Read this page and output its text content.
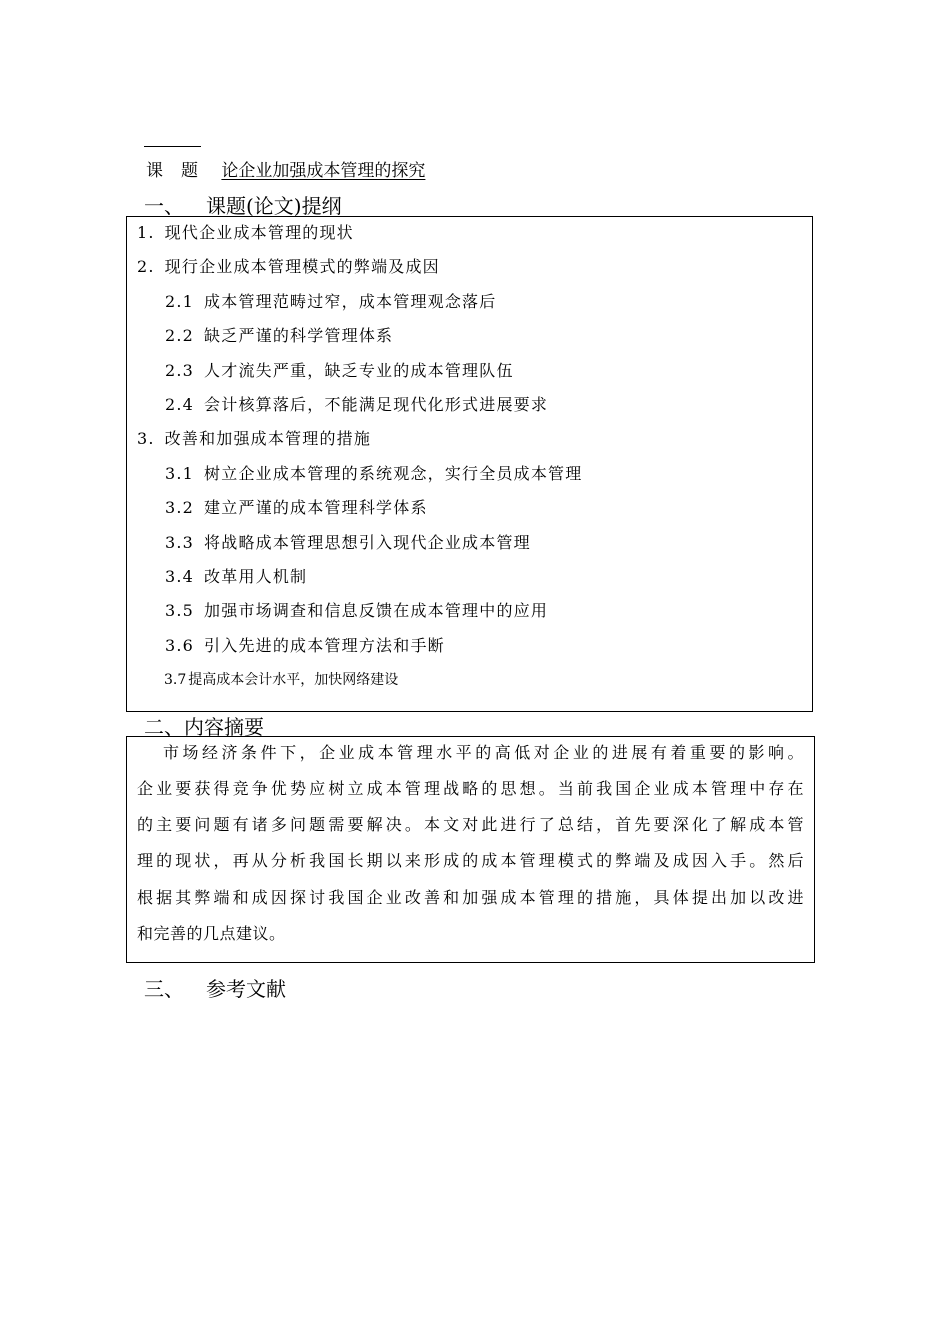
课题 论企业加强成本管理的探究
一、 课题(论文)提纲
1. 现代企业成本管理的现状
2. 现行企业成本管理模式的弊端及成因
2.1 成本管理范畴过窄，成本管理观念落后
2.2 缺乏严谨的科学管理体系
2.3 人才流失严重，缺乏专业的成本管理队伍
2.4 会计核算落后，不能满足现代化形式进展要求
3. 改善和加强成本管理的措施
3.1 树立企业成本管理的系统观念，实行全员成本管理
3.2 建立严谨的成本管理科学体系
3.3 将战略成本管理思想引入现代企业成本管理
3.4 改革用人机制
3.5 加强市场调查和信息反馈在成本管理中的应用
3.6 引入先进的成本管理方法和手断
3.7 提高成本会计水平，加快网络建设
二、内容摘要
市场经济条件下，企业成本管理水平的高低对企业的进展有着重要的影响。
企业要获得竞争优势应树立成本管理战略的思想。当前我国企业成本管理中存在
的主要问题有诸多问题需要解决。本文对此进行了总结，首先要深化了解成本管
理的现状，再从分析我国长期以来形成的成本管理模式的弊端及成因入手。然后
根据其弊端和成因探讨我国企业改善和加强成本管理的措施，具体提出加以改进
和完善的几点建议。
三、 参考文献
